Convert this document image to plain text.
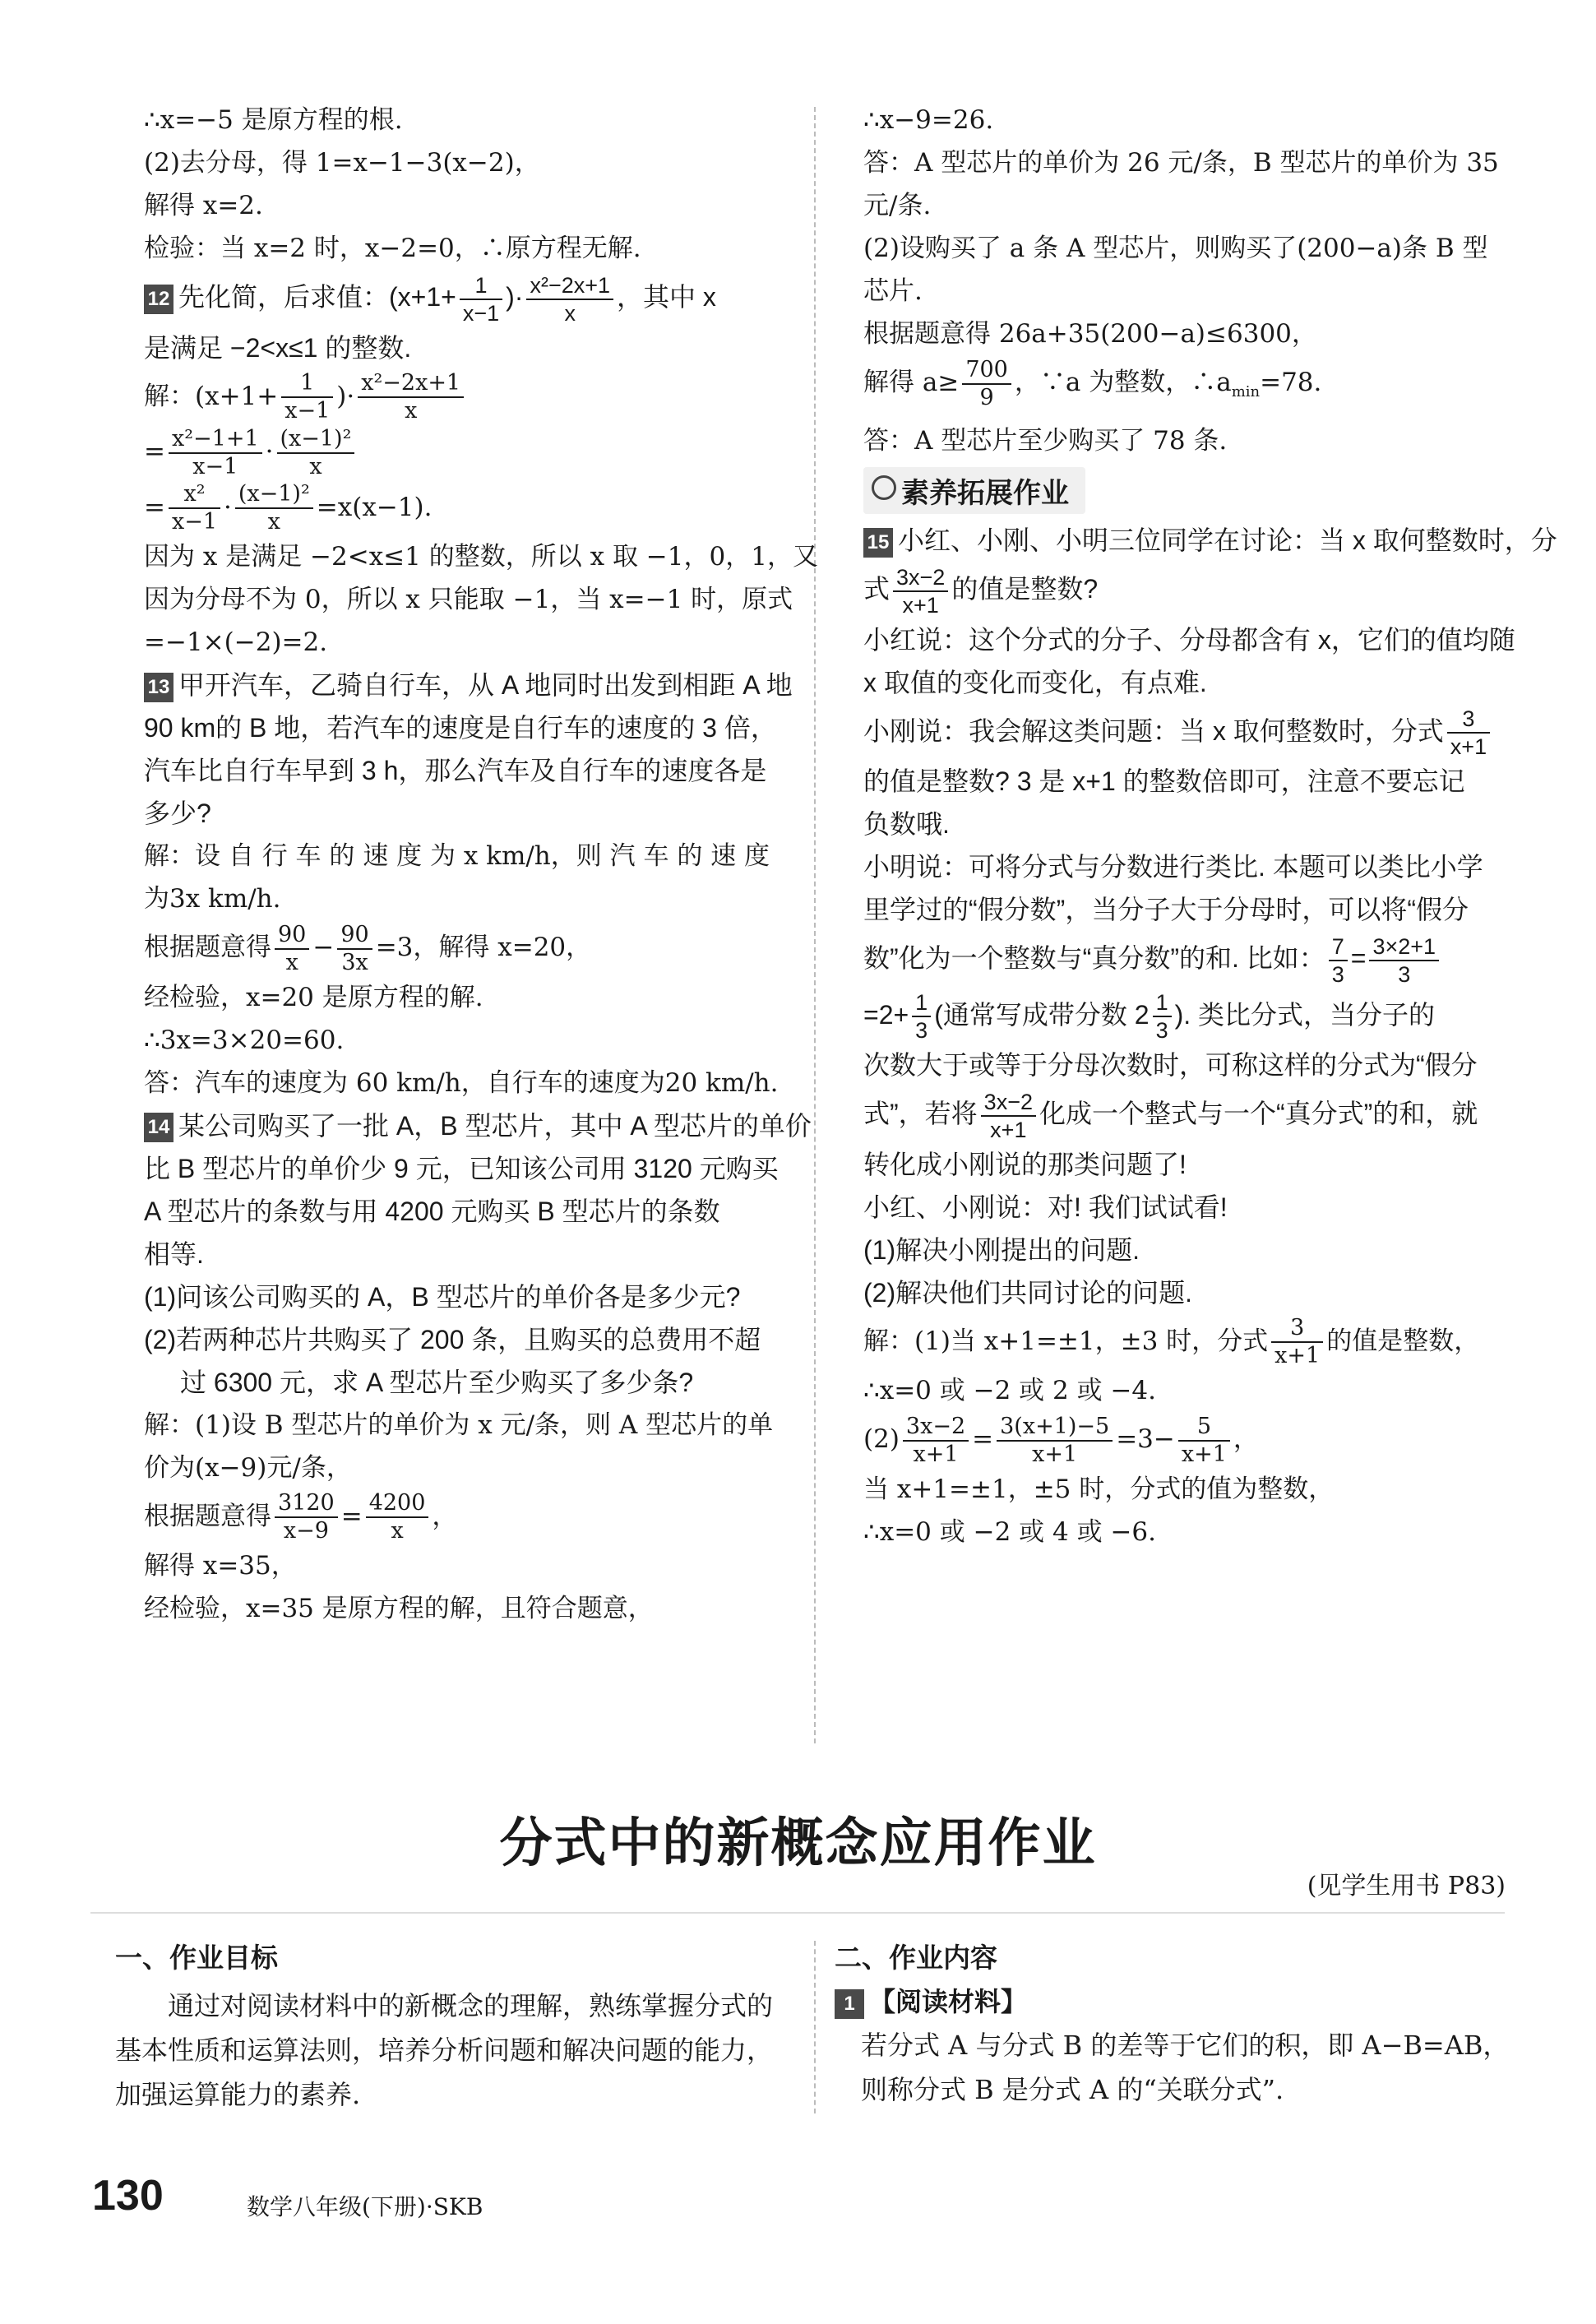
∴x=−5 是原方程的根.
(2)去分母，得 1=x−1−3(x−2)，
解得 x=2.
检验：当 x=2 时，x−2=0，∴原方程无解.
12 先化简，后求值：($x+1+ \frac{1}{x-1}$ )· $\frac{\text{x²−2x+1}}{x}$ ，其中 x
是满足 −2<x≤1 的整数.
解：($x+1+ \frac{1}{x-1}$ )· $\frac{\text{x²−2x+1}}{x}$
= $\frac{\text{x²−1+1}}{x-1} \cdot \frac{\text{(x−1)²}}{x}$
= $\frac{\text{x²}}{x-1} \cdot \frac{\text{(x−1)²}}{x} =x(x-1)$.
因为 x 是满足 −2<x≤1 的整数，所以 x 取 −1，0，1，又
因为分母不为 0，所以 x 只能取 −1，当 x=−1 时，原式
=−1×(−2)=2.
13 甲开汽车，乙骑自行车，从 A 地同时出发到相距 A 地
90 km的 B 地，若汽车的速度是自行车的速度的 3 倍，
汽车比自行车早到 3 h，那么汽车及自行车的速度各是
多少?
解：设 自 行 车 的 速 度 为 x km/h，则 汽 车 的 速 度
为3x km/h.
根据题意得 $\frac{90}{x} - \frac{90}{3x} =3$，解得 x=20，
经检验，x=20 是原方程的解.
∴3x=3×20=60.
答：汽车的速度为 60 km/h，自行车的速度为20 km/h.
14 某公司购买了一批 A，B 型芯片，其中 A 型芯片的单价
比 B 型芯片的单价少 9 元，已知该公司用 3120 元购买
A 型芯片的条数与用 4200 元购买 B 型芯片的条数
相等.
(1)问该公司购买的 A，B 型芯片的单价各是多少元?
(2)若两种芯片共购买了 200 条，且购买的总费用不超
过 6300 元，求 A 型芯片至少购买了多少条?
解：(1)设 B 型芯片的单价为 x 元/条，则 A 型芯片的单
价为(x−9)元/条，
根据题意得 $\frac{3120}{x-9} = \frac{4200}{x}$ ，
解得 x=35，
经检验，x=35 是原方程的解，且符合题意，
∴x−9=26.
答：A 型芯片的单价为 26 元/条，B 型芯片的单价为 35
元/条.
(2)设购买了 a 条 A 型芯片，则购买了(200−a)条 B 型
芯片.
根据题意得 26a+35(200−a)≤6300，
解得 $a\ge \frac{700}{9}$ ，∵a 为整数，$\therefore a_{min}=78$.
答：A 型芯片至少购买了 78 条.
素养拓展作业
15 小红、小刚、小明三位同学在讨论：当 x 取何整数时，分
式 $\frac{3x-2}{x+1}$ 的值是整数?
小红说：这个分式的分子、分母都含有 x，它们的值均随
x 取值的变化而变化，有点难.
小刚说：我会解这类问题：当 x 取何整数时，分式 $\frac{3}{x+1}$
的值是整数? 3 是 x+1 的整数倍即可，注意不要忘记
负数哦.
小明说：可将分式与分数进行类比. 本题可以类比小学
里学过的“假分数”，当分子大于分母时，可以将“假分
数”化为一个整数与“真分数”的和. 比如： $\frac{7}{3} = \frac{3\times 2+1}{3}$
$=2+ \frac{1}{3}$ (通常写成带分数 $2 \frac{1}{3}$ ). 类比分式，当分子的
次数大于或等于分母次数时，可称这样的分式为“假分
式”，若将 $\frac{3x-2}{x+1}$ 化成一个整式与一个“真分式”的和，就
转化成小刚说的那类问题了!
小红、小刚说：对! 我们试试看!
(1)解决小刚提出的问题.
(2)解决他们共同讨论的问题.
解：(1)当 x+1=±1，±3 时，分式 $\frac{3}{x+1}$ 的值是整数，
∴x=0 或 −2 或 2 或 −4.
$(2) \frac{3x-2}{x+1} = \frac{3(x+1)-5}{x+1} =3- \frac{5}{x+1}$ ，
当 x+1=±1，±5 时，分式的值为整数，
∴x=0 或 −2 或 4 或 −6.
分式中的新概念应用作业
(见学生用书 P83)
一、作业目标
通过对阅读材料中的新概念的理解，熟练掌握分式的
基本性质和运算法则，培养分析问题和解决问题的能力，
加强运算能力的素养.
二、作业内容
1 【阅读材料】
若分式 A 与分式 B 的差等于它们的积，即 A−B=AB，
则称分式 B 是分式 A 的“关联分式”.
130	数学八年级(下册)·SKB
